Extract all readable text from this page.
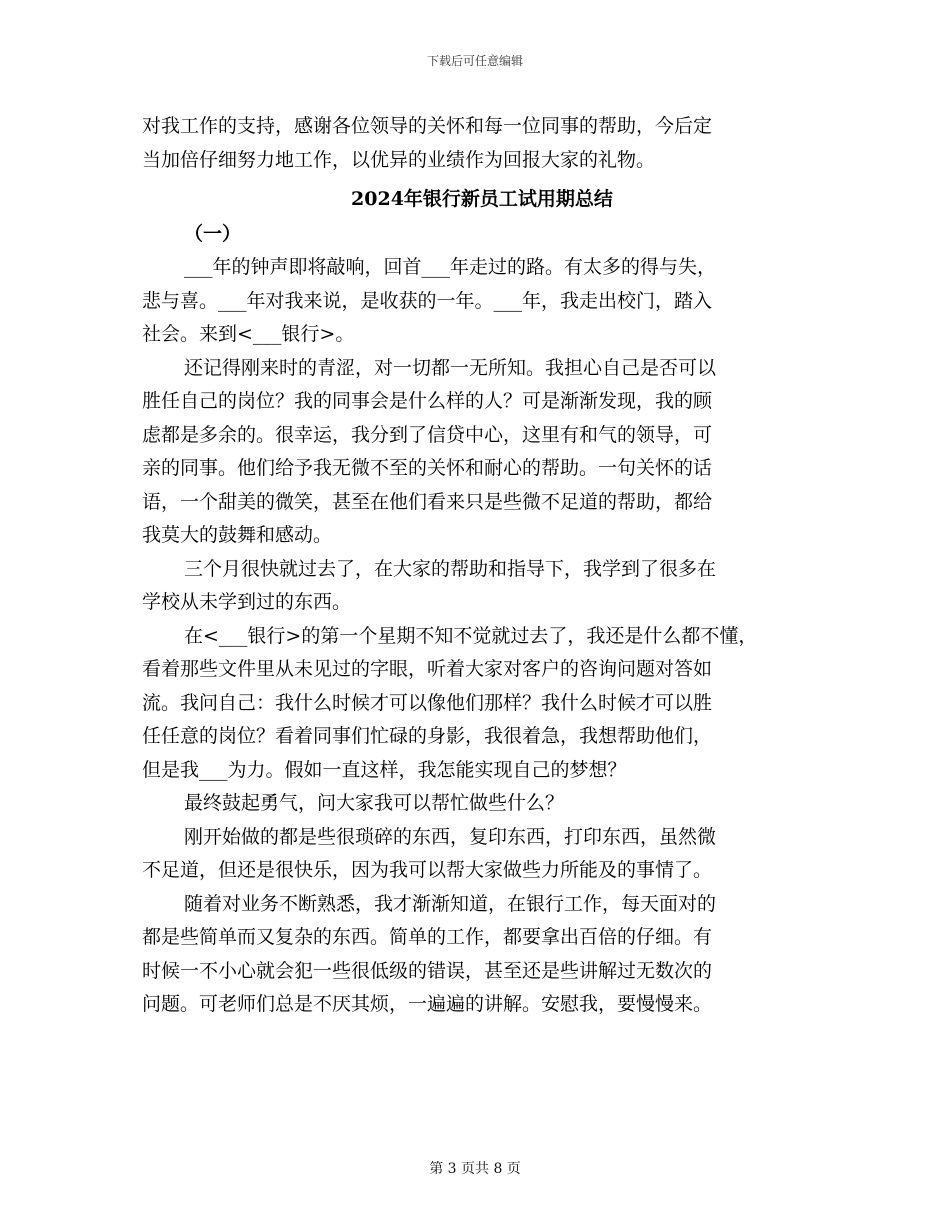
下载后可任意编辑
对我工作的支持，感谢各位领导的关怀和每一位同事的帮助，今后定
当加倍仔细努力地工作，以优异的业绩作为回报大家的礼物。
2024年银行新员工试用期总结
（一）
___年的钟声即将敲响，回首___年走过的路。有太多的得与失，
悲与喜。___年对我来说，是收获的一年。___年，我走出校门，踏入
社会。来到<___银行>。
还记得刚来时的青涩，对一切都一无所知。我担心自己是否可以
胜任自己的岗位？我的同事会是什么样的人？可是渐渐发现，我的顾
虑都是多余的。很幸运，我分到了信贷中心，这里有和气的领导，可
亲的同事。他们给予我无微不至的关怀和耐心的帮助。一句关怀的话
语，一个甜美的微笑，甚至在他们看来只是些微不足道的帮助，都给
我莫大的鼓舞和感动。
三个月很快就过去了，在大家的帮助和指导下，我学到了很多在
学校从未学到过的东西。
在<___银行>的第一个星期不知不觉就过去了，我还是什么都不懂，
看着那些文件里从未见过的字眼，听着大家对客户的咨询问题对答如
流。我问自己：我什么时候才可以像他们那样？我什么时候才可以胜
任任意的岗位？看着同事们忙碌的身影，我很着急，我想帮助他们，
但是我___为力。假如一直这样，我怎能实现自己的梦想？
最终鼓起勇气，问大家我可以帮忙做些什么？
刚开始做的都是些很琐碎的东西，复印东西，打印东西，虽然微
不足道，但还是很快乐，因为我可以帮大家做些力所能及的事情了。
随着对业务不断熟悉，我才渐渐知道，在银行工作，每天面对的
都是些简单而又复杂的东西。简单的工作，都要拿出百倍的仔细。有
时候一不小心就会犯一些很低级的错误，甚至还是些讲解过无数次的
问题。可老师们总是不厌其烦，一遍遍的讲解。安慰我，要慢慢来。
第 3 页共 8 页
